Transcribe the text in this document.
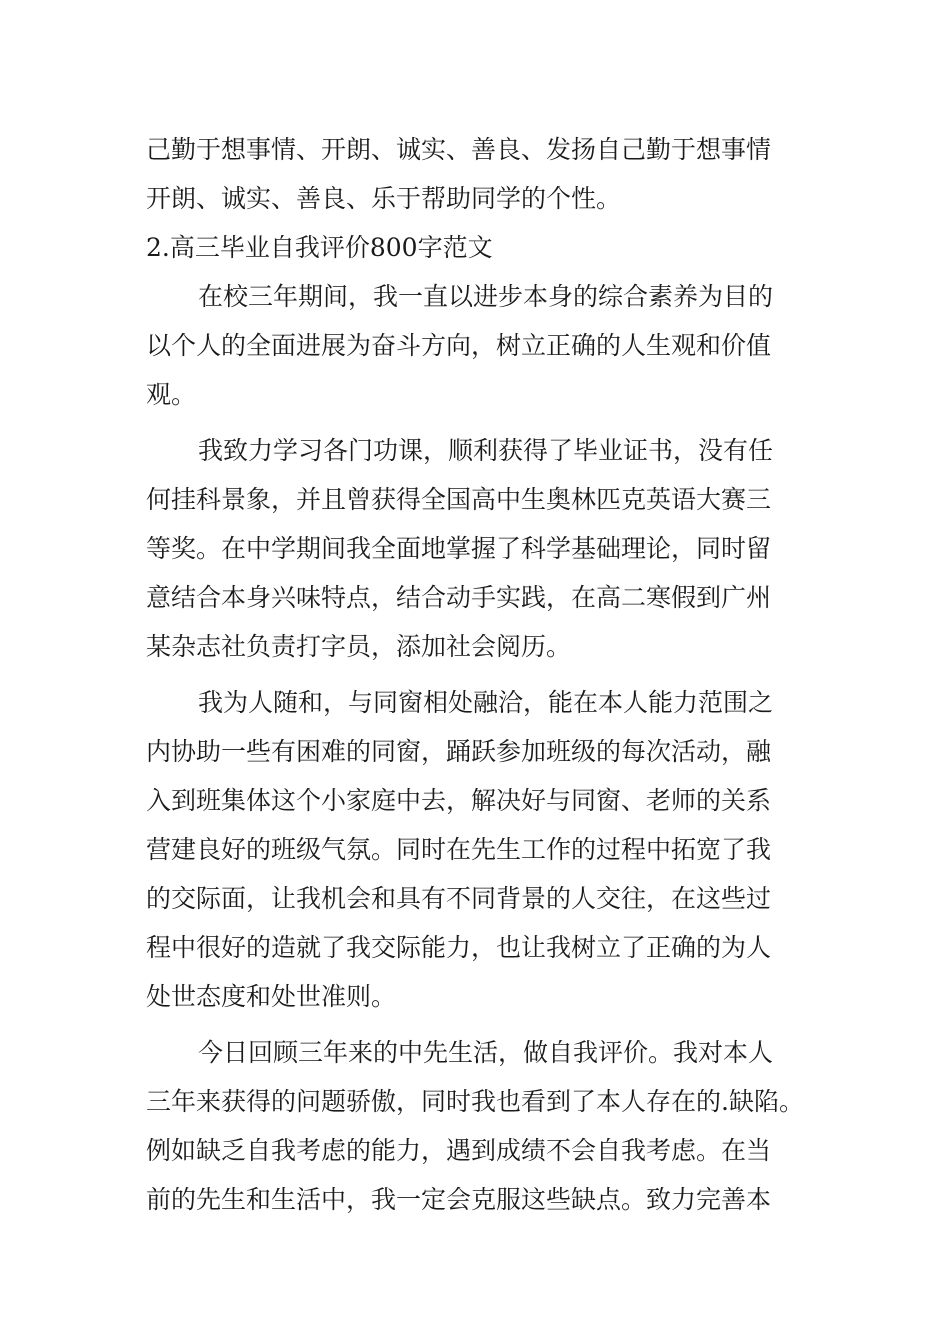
己勤于想事情、开朗、诚实、善良、发扬自己勤于想事情
开朗、诚实、善良、乐于帮助同学的个性。
2.高三毕业自我评价800字范文
在校三年期间，我一直以进步本身的综合素养为目的
以个人的全面进展为奋斗方向，树立正确的人生观和价值
观。
我致力学习各门功课，顺利获得了毕业证书，没有任
何挂科景象，并且曾获得全国高中生奥林匹克英语大赛三
等奖。在中学期间我全面地掌握了科学基础理论，同时留
意结合本身兴味特点，结合动手实践，在高二寒假到广州
某杂志社负责打字员，添加社会阅历。
我为人随和，与同窗相处融洽，能在本人能力范围之
内协助一些有困难的同窗，踊跃参加班级的每次活动，融
入到班集体这个小家庭中去，解决好与同窗、老师的关系
营建良好的班级气氛。同时在先生工作的过程中拓宽了我
的交际面，让我机会和具有不同背景的人交往，在这些过
程中很好的造就了我交际能力，也让我树立了正确的为人
处世态度和处世准则。
今日回顾三年来的中先生活，做自我评价。我对本人
三年来获得的问题骄傲，同时我也看到了本人存在的.缺陷。
例如缺乏自我考虑的能力，遇到成绩不会自我考虑。在当
前的先生和生活中，我一定会克服这些缺点。致力完善本
